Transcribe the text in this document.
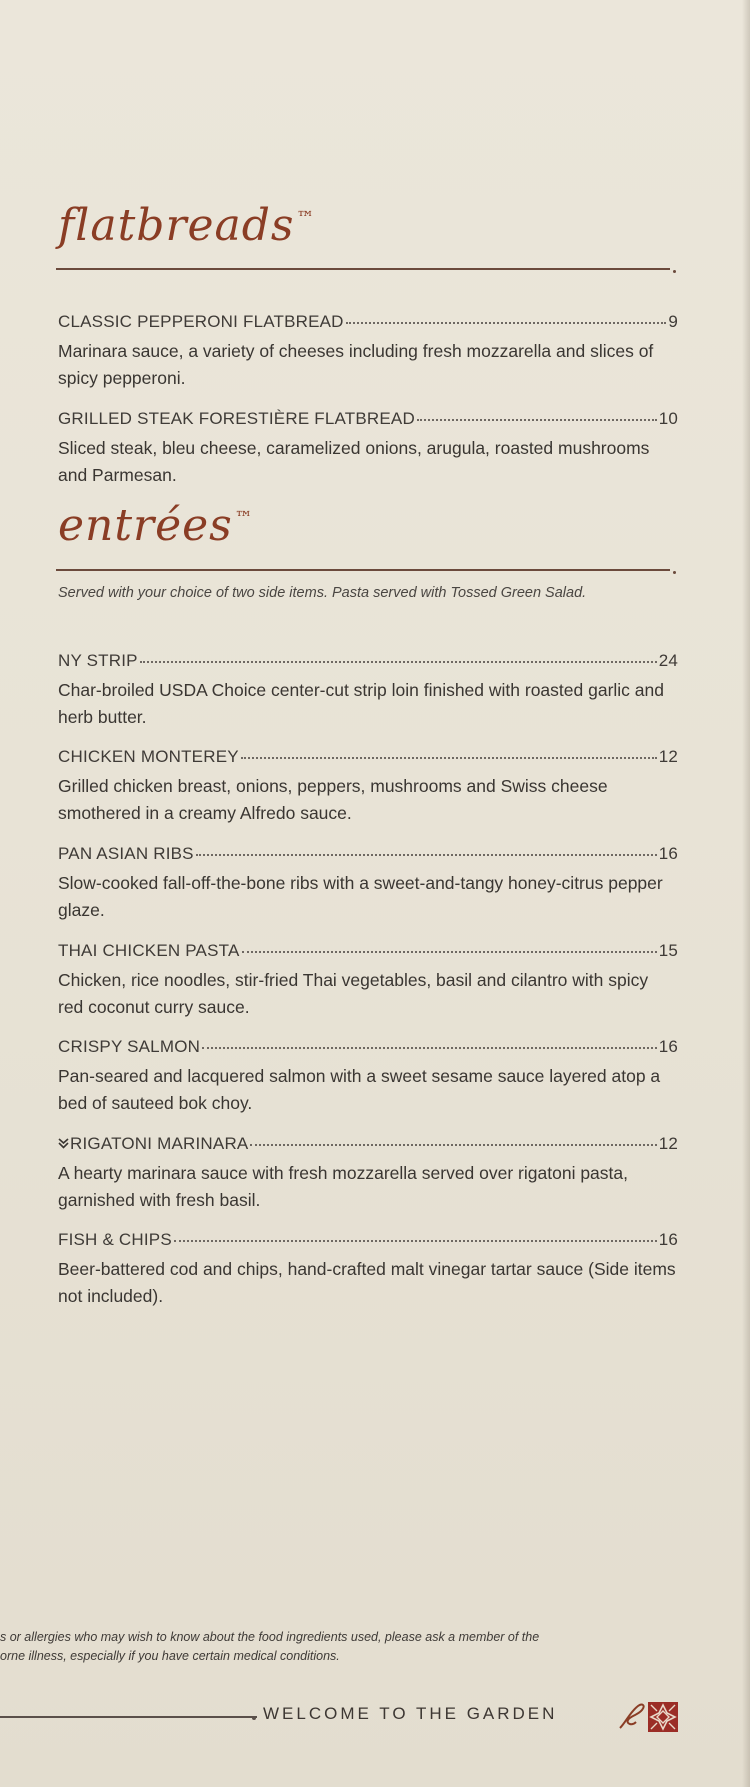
flatbreads ™
CLASSIC PEPPERONI FLATBREAD	9
Marinara sauce, a variety of cheeses including fresh mozzarella and slices of spicy pepperoni.
GRILLED STEAK FORESTIÈRE FLATBREAD	10
Sliced steak, bleu cheese, caramelized onions, arugula, roasted mushrooms and Parmesan.
entrées ™
Served with your choice of two side items. Pasta served with Tossed Green Salad.
NY STRIP	24
Char-broiled USDA Choice center-cut strip loin finished with roasted garlic and herb butter.
CHICKEN MONTEREY	12
Grilled chicken breast, onions, peppers, mushrooms and Swiss cheese smothered in a creamy Alfredo sauce.
PAN ASIAN RIBS	16
Slow-cooked fall-off-the-bone ribs with a sweet-and-tangy honey-citrus pepper glaze.
THAI CHICKEN PASTA	15
Chicken, rice noodles, stir-fried Thai vegetables, basil and cilantro with spicy red coconut curry sauce.
CRISPY SALMON	16
Pan-seared and lacquered salmon with a sweet sesame sauce layered atop a bed of sauteed bok choy.
RIGATONI MARINARA	12
A hearty marinara sauce with fresh mozzarella served over rigatoni pasta, garnished with fresh basil.
FISH & CHIPS	16
Beer-battered cod and chips, hand-crafted malt vinegar tartar sauce (Side items not included).
s or allergies who may wish to know about the food ingredients used, please ask a member of the
orne illness, especially if you have certain medical conditions.
WELCOME TO THE GARDEN
